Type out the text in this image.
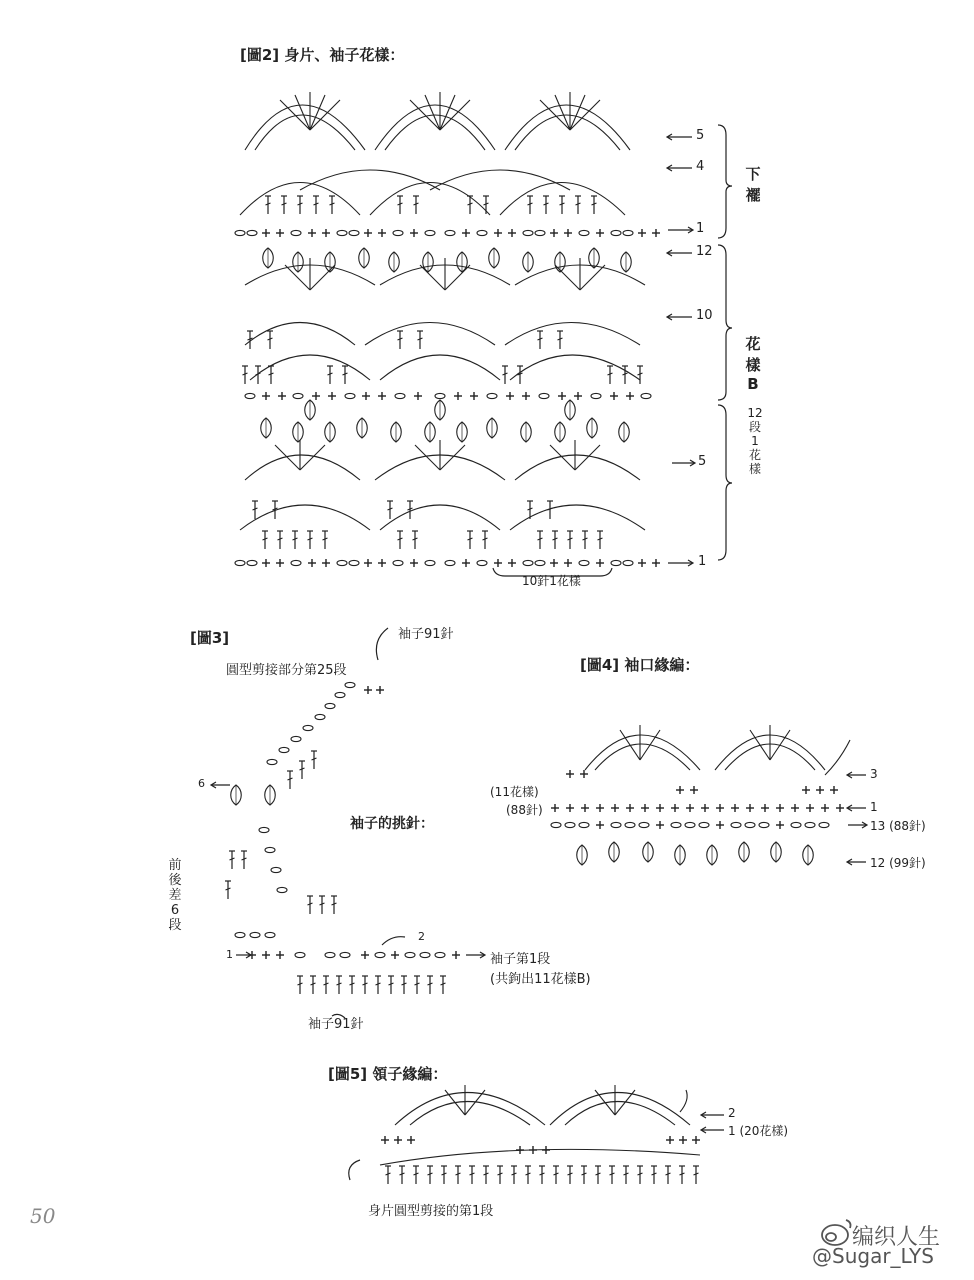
[圖2] 身片、袖子花樣：
5
4
1
12
10
5
1
下襬
花樣B
12段1花樣
10針1花樣
[圖3]	袖子91針
圓型剪接部分第25段
袖子的挑針：
6
前後差6段
1
2
袖子第1段
(共鉤出11花樣B)
袖子91針
[圖4] 袖口緣編：
(11花樣)
(88針)
3
1
13 (88針)
12 (99針)
[圖5] 領子緣編：
2
1 (20花樣)
身片圓型剪接的第1段
50
编织人生
@Sugar_LYS
